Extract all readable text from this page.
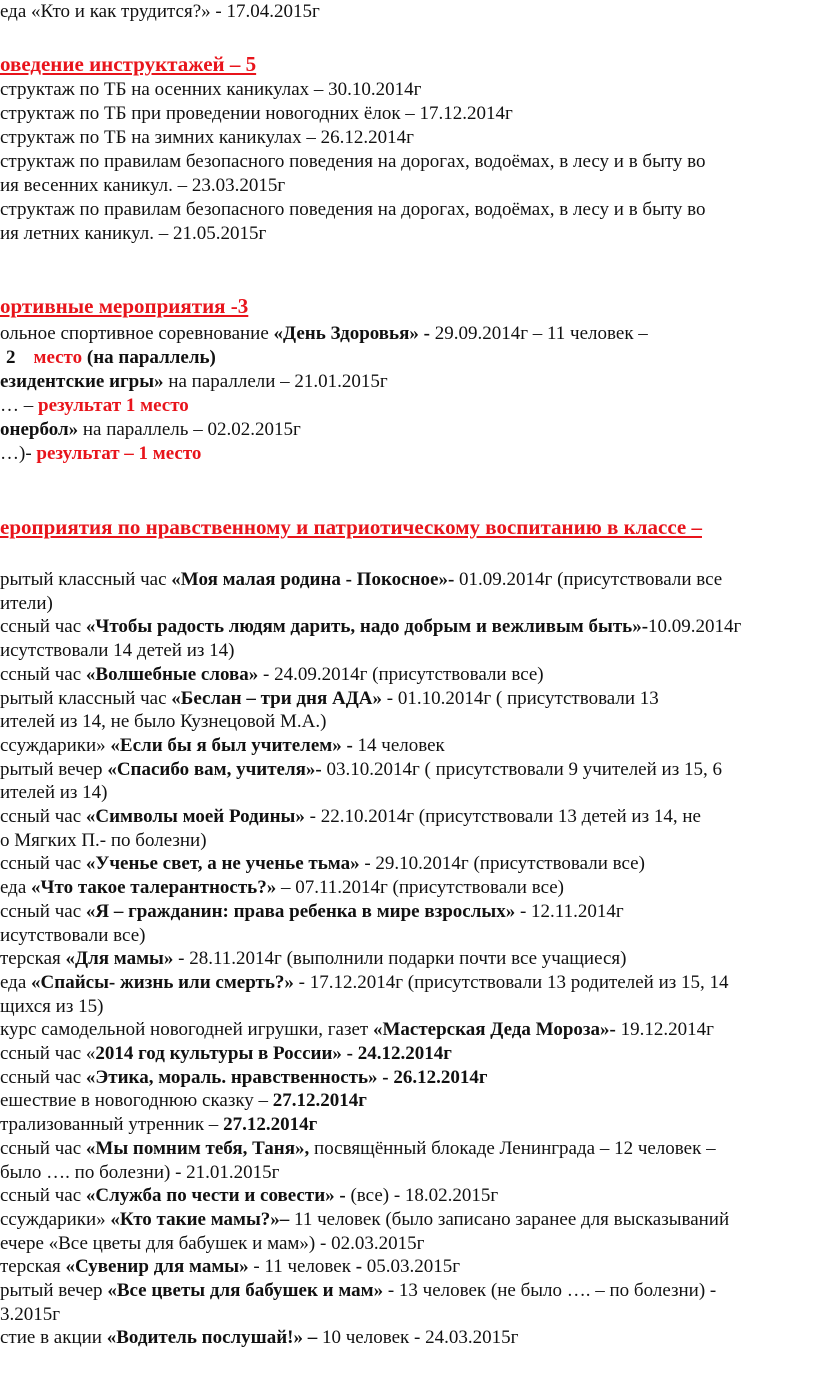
еда «Кто и как трудится?» - 17.04.2015г
оведение инструктажей – 5
структаж по ТБ на осенних каникулах – 30.10.2014г
структаж по ТБ при проведении новогодних ёлок – 17.12.2014г
структаж по ТБ на зимних каникулах – 26.12.2014г
структаж по правилам безопасного поведения на дорогах, водоёмах, в лесу и в быту во
ия весенних каникул. – 23.03.2015г
структаж по правилам безопасного поведения на дорогах, водоёмах, в лесу и в быту во
ия летних каникул. – 21.05.2015г
ортивные мероприятия -3
ольное спортивное соревнование «День Здоровья» - 29.09.2014г – 11 человек –
2 место (на параллель)
езидентские игры» на параллели – 21.01.2015г
… – результат 1 место
онербол» на параллель – 02.02.2015г
…)- результат – 1 место
ероприятия по нравственному и патриотическому воспитанию в классе –
рытый классный час «Моя малая родина - Покосное»- 01.09.2014г (присутствовали все
ители)
ссный час «Чтобы радость людям дарить, надо добрым и вежливым быть»-10.09.2014г
исутствовали 14 детей из 14)
ссный час «Волшебные слова» - 24.09.2014г (присутствовали все)
рытый классный час «Беслан – три дня АДА» - 01.10.2014г ( присутствовали 13
ителей из 14, не было Кузнецовой М.А.)
ссуждарики» «Если бы я был учителем» - 14 человек
рытый вечер «Спасибо вам, учителя»- 03.10.2014г ( присутствовали 9 учителей из 15, 6
ителей из 14)
ссный час «Символы моей Родины» - 22.10.2014г (присутствовали 13 детей из 14, не
о Мягких П.- по болезни)
ссный час «Ученье свет, а не ученье тьма» - 29.10.2014г (присутствовали все)
еда «Что такое талерантность?» – 07.11.2014г (присутствовали все)
ссный час «Я – гражданин: права ребенка в мире взрослых» - 12.11.2014г
исутствовали все)
терская «Для мамы» - 28.11.2014г (выполнили подарки почти все учащиеся)
еда «Спайсы- жизнь или смерть?» - 17.12.2014г (присутствовали 13 родителей из 15, 14
щихся из 15)
курс самодельной новогодней игрушки, газет «Мастерская Деда Мороза»- 19.12.2014г
ссный час «2014 год культуры в России» - 24.12.2014г
ссный час «Этика, мораль. нравственность» - 26.12.2014г
ешествие в новогоднюю сказку – 27.12.2014г
трализованный утренник – 27.12.2014г
ссный час «Мы помним тебя, Таня», посвящённый блокаде Ленинграда – 12 человек –
было …. по болезни) - 21.01.2015г
ссный час «Служба по чести и совести» - (все) - 18.02.2015г
ссуждарики» «Кто такие мамы?»– 11 человек (было записано заранее для высказываний
ечере «Все цветы для бабушек и мам») - 02.03.2015г
терская «Сувенир для мамы» - 11 человек - 05.03.2015г
рытый вечер «Все цветы для бабушек и мам» - 13 человек (не было …. – по болезни) -
3.2015г
стие в акции «Водитель послушай!» – 10 человек - 24.03.2015г
